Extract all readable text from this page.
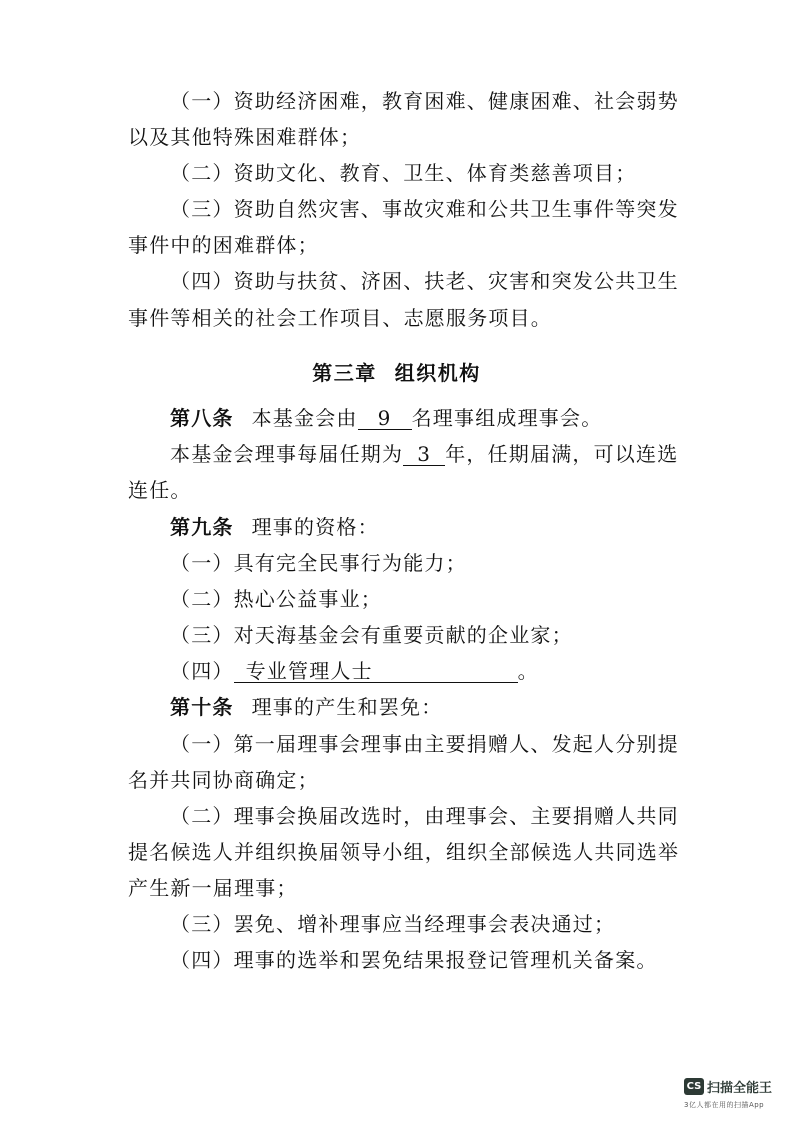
（一）资助经济困难，教育困难、健康困难、社会弱势
以及其他特殊困难群体；
（二）资助文化、教育、卫生、体育类慈善项目；
（三）资助自然灾害、事故灾难和公共卫生事件等突发
事件中的困难群体；
（四）资助与扶贫、济困、扶老、灾害和突发公共卫生
事件等相关的社会工作项目、志愿服务项目。
第三章 组织机构
第八条 本基金会由 9 名理事组成理事会。
本基金会理事每届任期为 3 年，任期届满，可以连选
连任。
第九条 理事的资格：
（一）具有完全民事行为能力；
（二）热心公益事业；
（三）对天海基金会有重要贡献的企业家；
（四） 专业管理人士	。
第十条 理事的产生和罢免：
（一）第一届理事会理事由主要捐赠人、发起人分别提
名并共同协商确定；
（二）理事会换届改选时，由理事会、主要捐赠人共同
提名候选人并组织换届领导小组，组织全部候选人共同选举
产生新一届理事；
（三）罢免、增补理事应当经理事会表决通过；
（四）理事的选举和罢免结果报登记管理机关备案。
CS 扫描全能王
3亿人都在用的扫描App
